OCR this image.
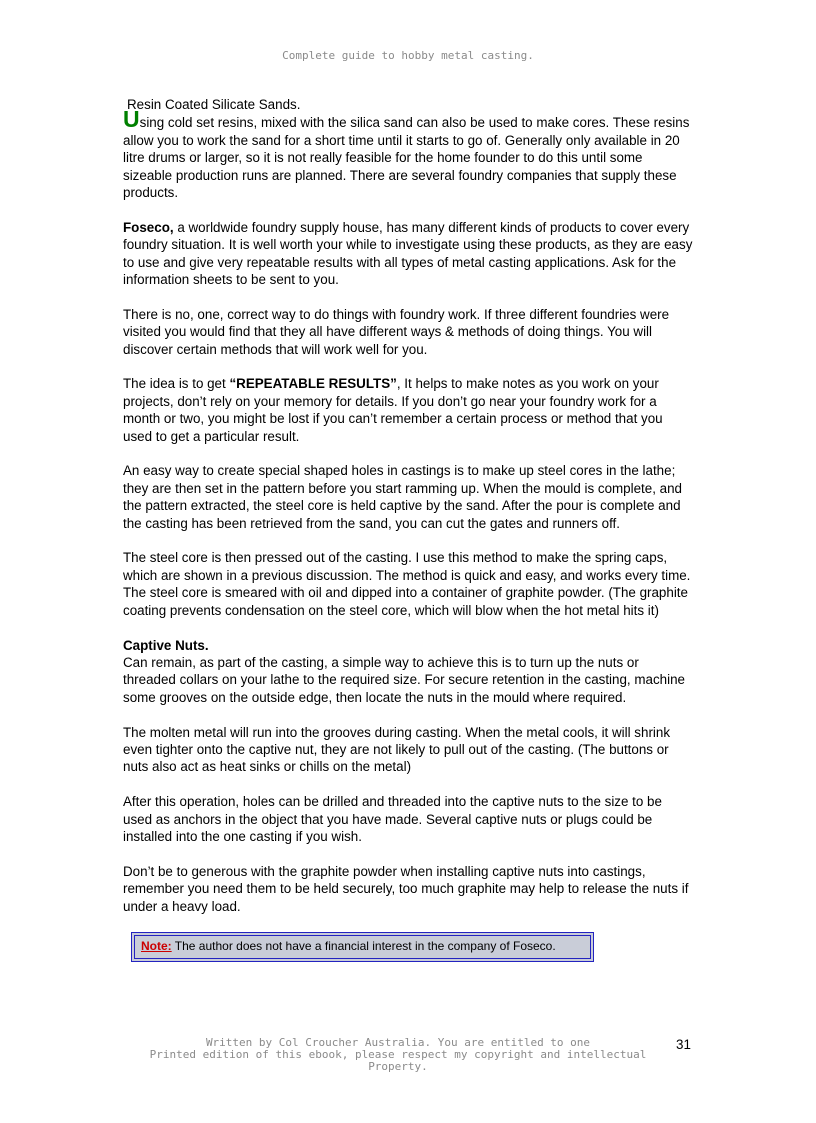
Complete guide to hobby metal casting.

Resin Coated Silicate Sands.

Using cold set resins, mixed with the silica sand can also be used to make cores. These resins allow you to work the sand for a short time until it starts to go of. Generally only available in 20 litre drums or larger, so it is not really feasible for the home founder to do this until some sizeable production runs are planned. There are several foundry companies that supply these products.

Foseco, a worldwide foundry supply house, has many different kinds of products to cover every foundry situation. It is well worth your while to investigate using these products, as they are easy to use and give very repeatable results with all types of metal casting applications. Ask for the information sheets to be sent to you.

There is no, one, correct way to do things with foundry work. If three different foundries were visited you would find that they all have different ways & methods of doing things. You will discover certain methods that will work well for you.

The idea is to get “REPEATABLE RESULTS”, It helps to make notes as you work on your projects, don’t rely on your memory for details. If you don’t go near your foundry work for a month or two, you might be lost if you can’t remember a certain process or method that you used to get a particular result.

An easy way to create special shaped holes in castings is to make up steel cores in the lathe; they are then set in the pattern before you start ramming up. When the mould is complete, and the pattern extracted, the steel core is held captive by the sand. After the pour is complete and the casting has been retrieved from the sand, you can cut the gates and runners off.

The steel core is then pressed out of the casting. I use this method to make the spring caps, which are shown in a previous discussion. The method is quick and easy, and works every time. The steel core is smeared with oil and dipped into a container of graphite powder. (The graphite coating prevents condensation on the steel core, which will blow when the hot metal hits it)

Captive Nuts.

Can remain, as part of the casting, a simple way to achieve this is to turn up the nuts or threaded collars on your lathe to the required size. For secure retention in the casting, machine some grooves on the outside edge, then locate the nuts in the mould where required.

The molten metal will run into the grooves during casting. When the metal cools, it will shrink even tighter onto the captive nut, they are not likely to pull out of the casting. (The buttons or nuts also act as heat sinks or chills on the metal)

After this operation, holes can be drilled and threaded into the captive nuts to the size to be used as anchors in the object that you have made. Several captive nuts or plugs could be installed into the one casting if you wish.

Don’t be to generous with the graphite powder when installing captive nuts into castings, remember you need them to be held securely, too much graphite may help to release the nuts if under a heavy load.

Note: The author does not have a financial interest in the company of Foseco.
Written by Col Croucher Australia. You are entitled to one
Printed edition of this ebook, please respect my copyright and intellectual
Property.
31
